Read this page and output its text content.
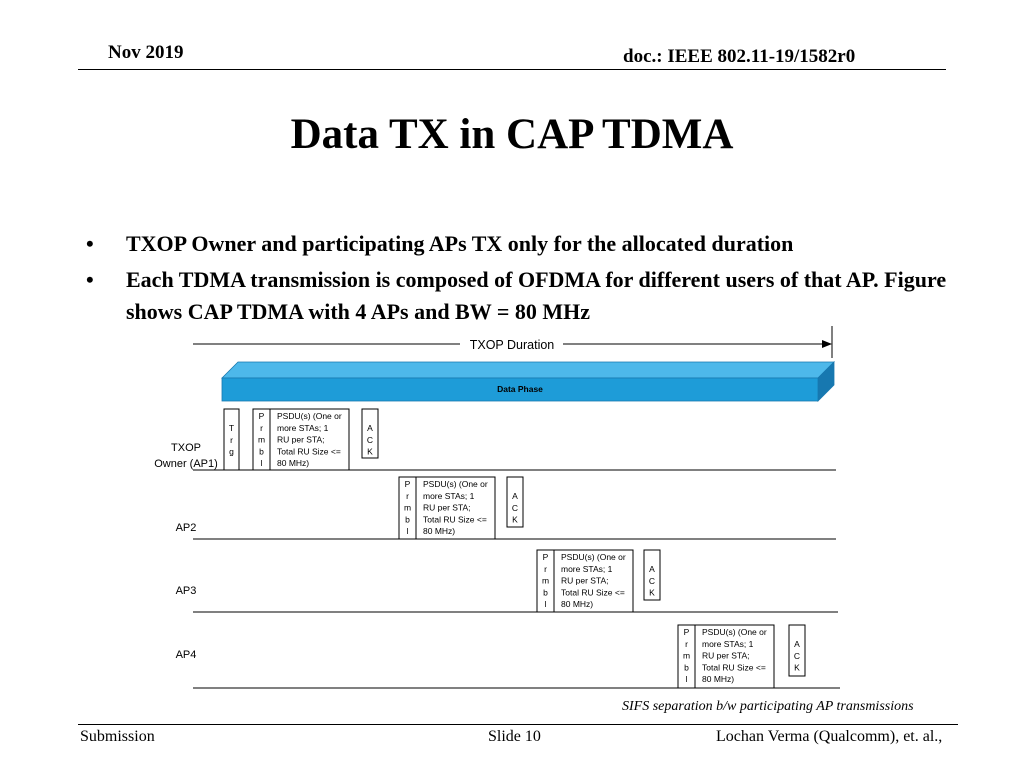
Nov 2019	doc.: IEEE 802.11-19/1582r0
Data TX in CAP TDMA
•	TXOP Owner and participating APs TX only for the allocated duration
•	Each TDMA transmission is composed of OFDMA for different users of that AP. Figure shows CAP TDMA with 4 APs and BW = 80 MHz
TXOP Duration
Data Phase
TXOP
Owner (AP1)
AP2
AP3
AP4
T
r
g
P
r
m
b
l
PSDU(s) (One or
more STAs; 1
RU per STA;
Total RU Size <=
80 MHz)
A
C
K
P
r
m
b
l
PSDU(s) (One or
more STAs; 1
RU per STA;
Total RU Size <=
80 MHz)
A
C
K
P
r
m
b
l
PSDU(s) (One or
more STAs; 1
RU per STA;
Total RU Size <=
80 MHz)
A
C
K
P
r
m
b
l
PSDU(s) (One or
more STAs; 1
RU per STA;
Total RU Size <=
80 MHz)
A
C
K
SIFS separation b/w participating AP transmissions
Submission	Slide 10	Lochan Verma (Qualcomm), et. al.,
